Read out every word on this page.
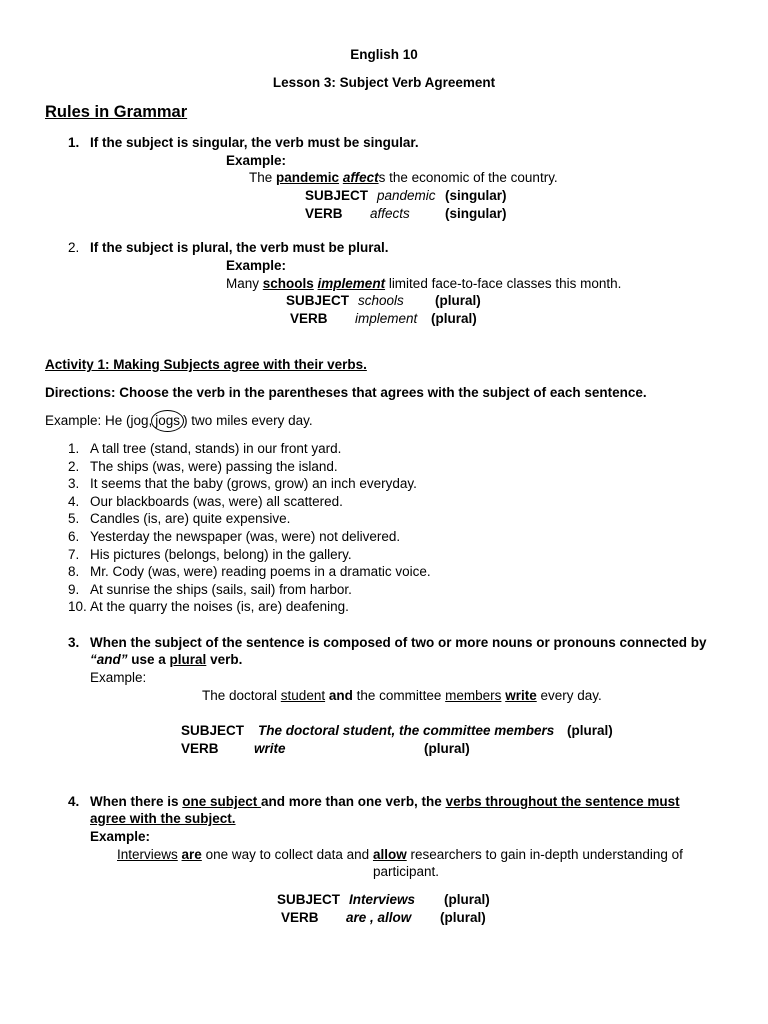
English 10
Lesson 3: Subject Verb Agreement
Rules in Grammar
1. If the subject is singular, the verb must be singular.
Example:
The pandemic affects the economic of the country.
SUBJECT pandemic (singular)
VERB affects	(singular)
2. If the subject is plural, the verb must be plural.
Example:
Many schools implement limited face-to-face classes this month.
SUBJECT schools (plural)
VERB implement (plural)
Activity 1: Making Subjects agree with their verbs.
Directions: Choose the verb in the parentheses that agrees with the subject of each sentence.
Example: He (jog, jogs ) two miles every day.
1. A tall tree (stand, stands) in our front yard.
2. The ships (was, were) passing the island.
3. It seems that the baby (grows, grow) an inch everyday.
4. Our blackboards (was, were) all scattered.
5. Candles (is, are) quite expensive.
6. Yesterday the newspaper (was, were) not delivered.
7. His pictures (belongs, belong) in the gallery.
8. Mr. Cody (was, were) reading poems in a dramatic voice.
9. At sunrise the ships (sails, sail) from harbor.
10. At the quarry the noises (is, are) deafening.
3. When the subject of the sentence is composed of two or more nouns or pronouns connected by
“and” use a plural verb.
Example:
The doctoral student and the committee members write every day.
SUBJECT The doctoral student, the committee members (plural)
VERB	write	(plural)
4. When there is one subject and more than one verb, the verbs throughout the sentence must
agree with the subject.
Example:
Interviews are one way to collect data and allow researchers to gain in-depth understanding of
participant.
SUBJECT Interviews (plural)
VERB are , allow (plural)
